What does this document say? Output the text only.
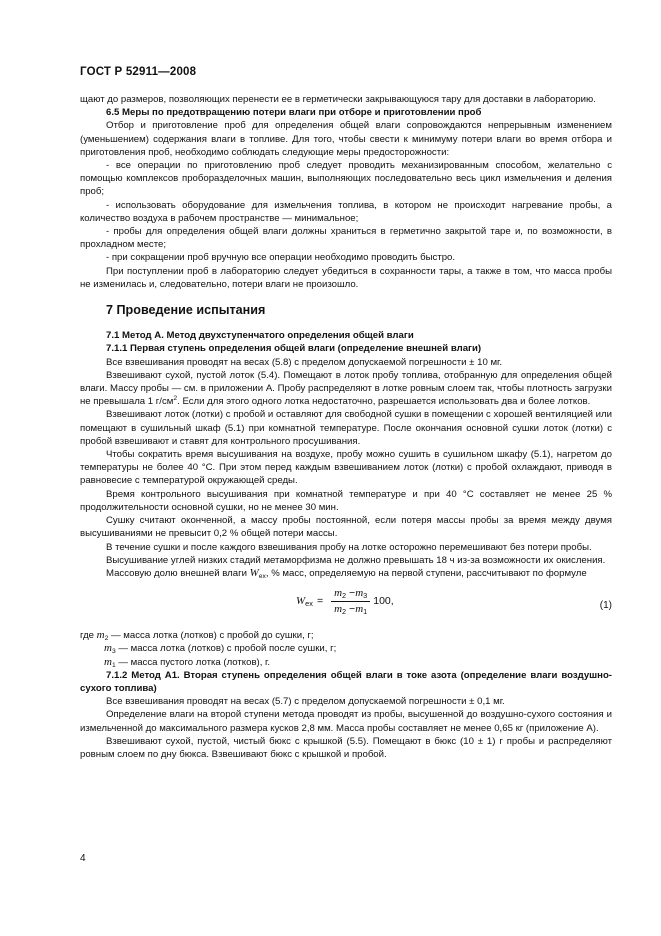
ГОСТ Р 52911—2008

щают до размеров, позволяющих перенести ее в герметически закрывающуюся тару для доставки в лабораторию.

6.5 Меры по предотвращению потери влаги при отборе и приготовлении проб

Отбор и приготовление проб для определения общей влаги сопровождаются непрерывным изменением (уменьшением) содержания влаги в топливе. Для того, чтобы свести к минимуму потери влаги во время отбора и приготовления проб, необходимо соблюдать следующие меры предосторожности:

- все операции по приготовлению проб следует проводить механизированным способом, желательно с помощью комплексов проборазделочных машин, выполняющих последовательно весь цикл измельчения и деления проб;

- использовать оборудование для измельчения топлива, в котором не происходит нагревание пробы, а количество воздуха в рабочем пространстве — минимальное;

- пробы для определения общей влаги должны храниться в герметично закрытой таре и, по возможности, в прохладном месте;

- при сокращении проб вручную все операции необходимо проводить быстро.

При поступлении проб в лабораторию следует убедиться в сохранности тары, а также в том, что масса пробы не изменилась и, следовательно, потери влаги не произошло.

7 Проведение испытания

7.1 Метод А. Метод двухступенчатого определения общей влаги

7.1.1 Первая ступень определения общей влаги (определение внешней влаги)

Все взвешивания проводят на весах (5.8) с пределом допускаемой погрешности ± 10 мг.

Взвешивают сухой, пустой лоток (5.4). Помещают в лоток пробу топлива, отобранную для определения общей влаги. Массу пробы — см. в приложении А. Пробу распределяют в лотке ровным слоем так, чтобы плотность загрузки не превышала 1 $г/см^2$. Если для этого одного лотка недостаточно, разрешается использовать два и более лотков.

Взвешивают лоток (лотки) с пробой и оставляют для свободной сушки в помещении с хорошей вентиляцией или помещают в сушильный шкаф (5.1) при комнатной температуре. После окончания основной сушки лоток (лотки) с пробой взвешивают и ставят для контрольного просушивания.

Чтобы сократить время высушивания на воздухе, пробу можно сушить в сушильном шкафу (5.1), нагретом до температуры не более 40 °С. При этом перед каждым взвешиванием лоток (лотки) с пробой охлаждают, приводя в равновесие с температурой окружающей среды.

Время контрольного высушивания при комнатной температуре и при 40 °С составляет не менее 25 % продолжительности основной сушки, но не менее 30 мин.

Сушку считают оконченной, а массу пробы постоянной, если потеря массы пробы за время между двумя высушиваниями не превысит 0,2 % общей потери массы.

В течение сушки и после каждого взвешивания пробу на лотке осторожно перемешивают без потери пробы.

Высушивание углей низких стадий метаморфизма не должно превышать 18 ч из-за возможности их окисления.

Массовую долю внешней влаги $W_{ex}$, % масс, определяемую на первой ступени, рассчитывают по формуле

$W_{ex} = \frac{m_2 -m_3}{m_2 -m_1} 100$,	(1)

где $m_2$ — масса лотка (лотков) с пробой до сушки, г;

$m_3$ — масса лотка (лотков) с пробой после сушки, г;

$m_1$ — масса пустого лотка (лотков), г.

7.1.2 Метод А1. Вторая ступень определения общей влаги в токе азота (определение влаги воздушно-сухого топлива)

Все взвешивания проводят на весах (5.7) с пределом допускаемой погрешности ± 0,1 мг.

Определение влаги на второй ступени метода проводят из пробы, высушенной до воздушно-сухого состояния и измельченной до максимального размера кусков 2,8 мм. Масса пробы составляет не менее 0,65 кг (приложение А).

Взвешивают сухой, пустой, чистый бюкс с крышкой (5.5). Помещают в бюкс (10 ± 1) г пробы и распределяют ровным слоем по дну бюкса. Взвешивают бюкс с крышкой и пробой.

4
